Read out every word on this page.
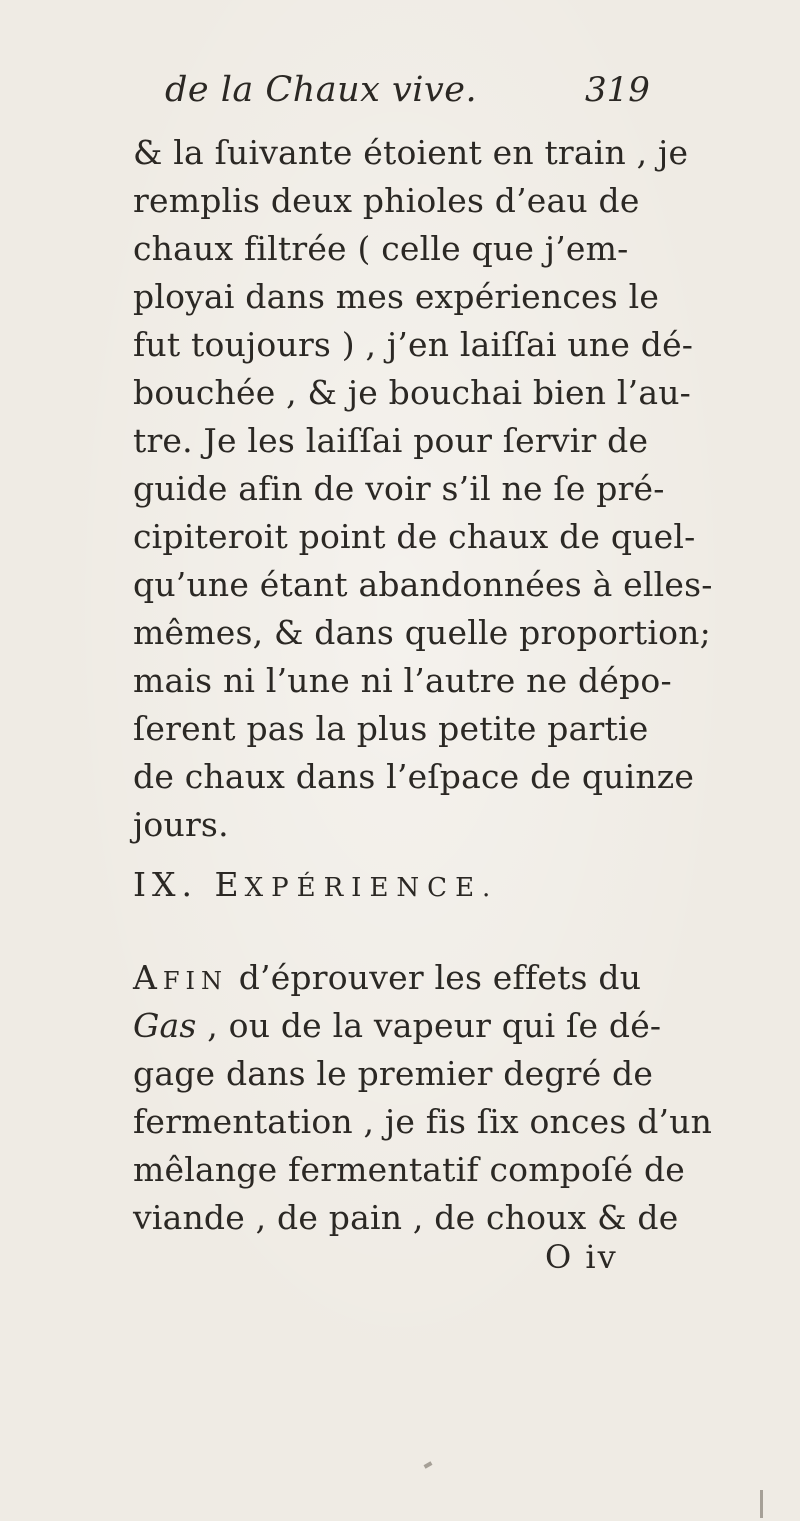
de la Chaux vive.	319
& la ſuivante étoient en train , je
remplis deux phioles d’eau de
chaux filtrée ( celle que j’em-
ployai dans mes expériences le
fut toujours ) , j’en laiſſai une dé-
bouchée , & je bouchai bien l’au-
tre. Je les laiſſai pour ſervir de
guide afin de voir s’il ne ſe pré-
cipiteroit point de chaux de quel-
qu’une étant abandonnées à elles-
mêmes, & dans quelle proportion;
mais ni l’une ni l’autre ne dépo-
ſerent pas la plus petite partie
de chaux dans l’eſpace de quinze
jours.
IX. EXPÉRIENCE.
AFIN d’éprouver les effets du
Gas , ou de la vapeur qui ſe dé-
gage dans le premier degré de
fermentation , je fis ſix onces d’un
mêlange fermentatif compoſé de
viande , de pain , de choux & de
O iv
